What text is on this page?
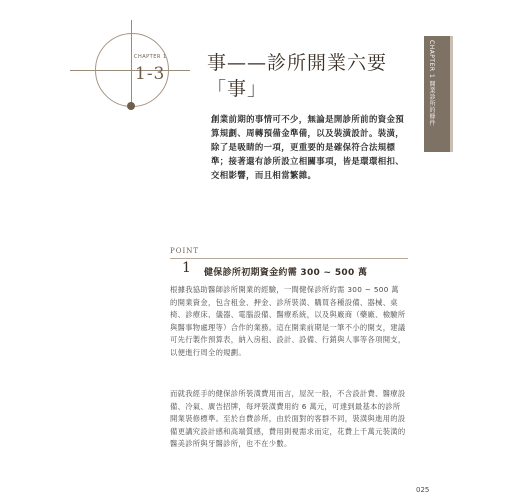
CHAPTER 1
1-3 事——診所開業六要「事」	CHAPTER 1 開業診所的條件

創業前期的事情可不少，無論是開診所前的資金預算規劃、周轉預備金準備，以及裝潢設計。裝潢，除了是吸睛的一項，更重要的是確保符合法規標準；接著還有診所設立相關事項，皆是環環相扣、交相影響，而且相當繁雜。

POINT
1 健保診所初期資金約需 300 ~ 500 萬

根據我協助醫師診所開業的經驗，一間健保診所約需 300 ~ 500 萬的開業資金，包含租金、押金、診所裝潢、購買各種設備、器械、桌椅、診療床、儀器、電腦設備、醫療系統，以及與廠商（藥廠、檢驗所與醫事物處理等）合作的業務。這在開業前期是一筆不小的開支，建議可先行製作預算表，納入房租、設計、設備、行銷與人事等各項開支，以便進行周全的規劃。

而就我經手的健保診所裝潢費用而言，屋況一般，不含設計費、醫療設備、冷氣、廣告招牌，每坪裝潢費用約 6 萬元，可達到最基本的診所開業裝修標準。至於自費診所，由於面對的客群不同，裝潢與進用的設備更講究設計感和高端質感，費用則視需求而定，花費上千萬元裝潢的醫美診所與牙醫診所，也不在少數。

025
